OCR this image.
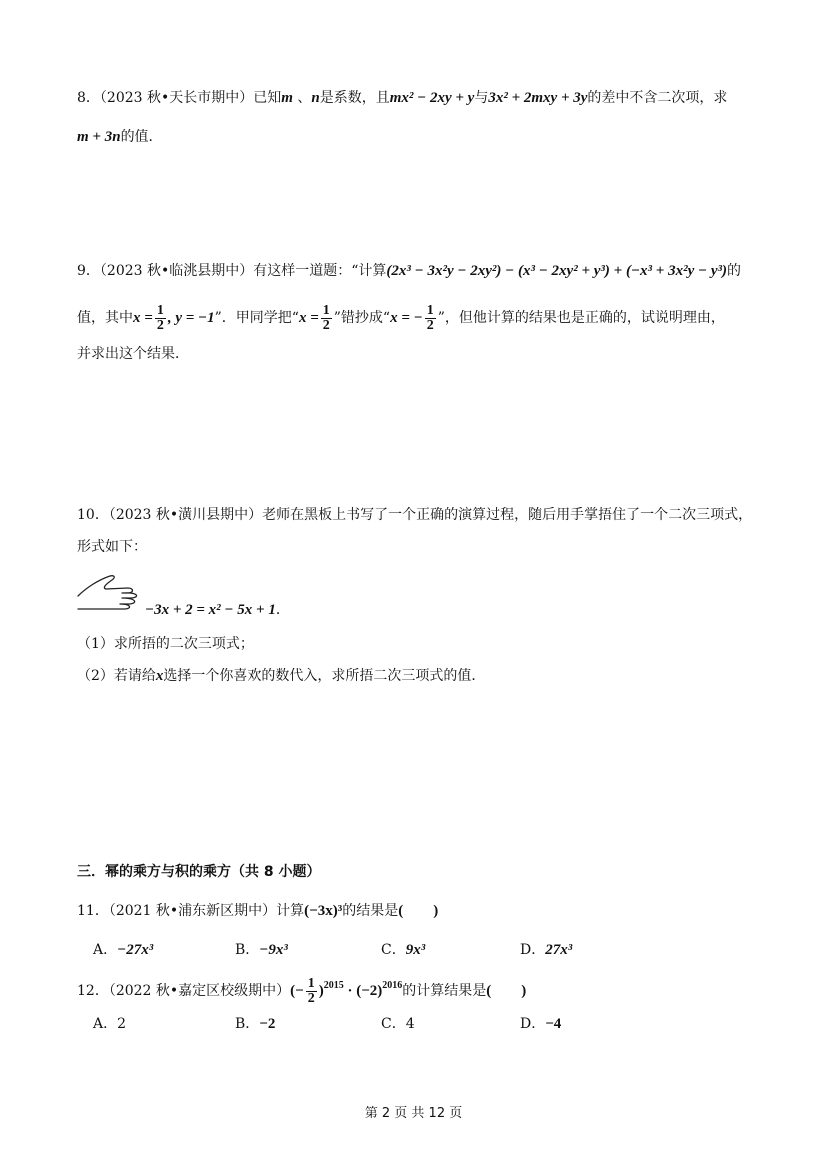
8．（2023 秋•天长市期中）已知m 、n是系数，且mx² − 2xy + y与3x² + 2mxy + 3y的差中不含二次项，求
m + 3n的值．
9．（2023 秋•临洮县期中）有这样一道题：“计算(2x³ − 3x²y − 2xy²) − (x³ − 2xy² + y³) + (−x³ + 3x²y − y³)的
值，其中$x = \frac{1}{2}$ , y = −1”．甲同学把“$x = \frac{1}{2}$ ”错抄成“x = − $\frac{1}{2}$ ”，但他计算的结果也是正确的，试说明理由，
并求出这个结果．
10．（2023 秋•潢川县期中）老师在黑板上书写了一个正确的演算过程，随后用手掌捂住了一个二次三项式，
形式如下：
−3x + 2 = x² − 5x + 1．
（1）求所捂的二次三项式；
（2）若请给x选择一个你喜欢的数代入，求所捂二次三项式的值．
三．幂的乘方与积的乘方（共 8 小题）
11．（2021 秋•浦东新区期中）计算(−3x)³的结果是(　　)
A．−27x³	B．−9x³	C．9x³	D．27x³
12．（2022 秋•嘉定区校级期中）(− $\frac{1}{2} )^{2015} \cdot (-2)^{2016}$的计算结果是(　　)
A．2	B．−2	C．4	D．−4
第 2 页 共 12 页
